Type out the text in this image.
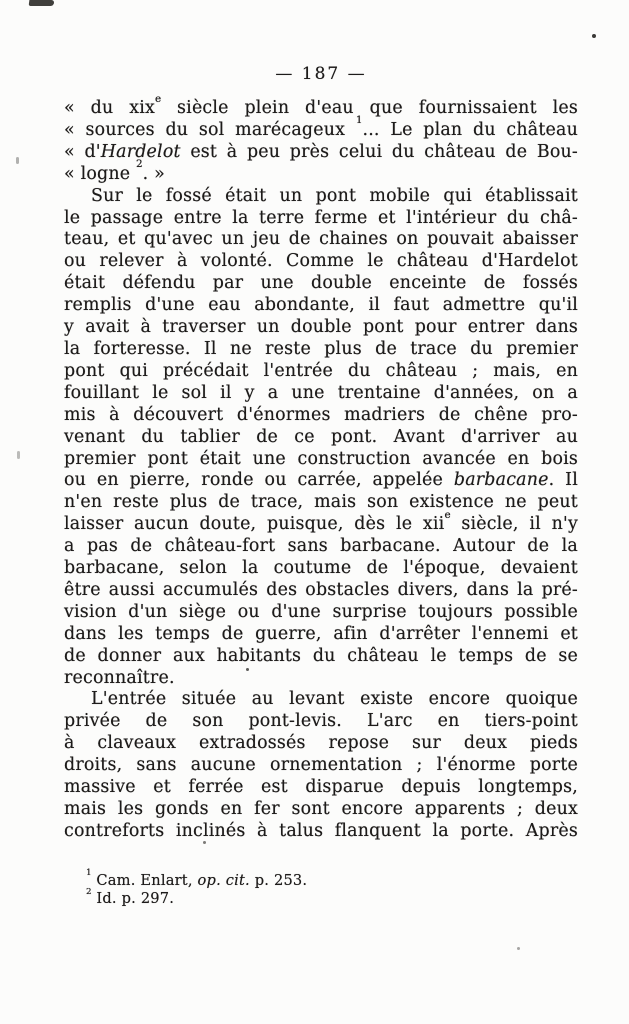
— 187 —
« du xix$^e$ siècle plein d'eau que fournissaient les
« sources du sol marécageux $^1$... Le plan du château
« d'Hardelot est à peu près celui du château de Bou-
« logne $^2$. »
Sur le fossé était un pont mobile qui établissait
le passage entre la terre ferme et l'intérieur du châ-
teau, et qu'avec un jeu de chaines on pouvait abaisser
ou relever à volonté. Comme le château d'Hardelot
était défendu par une double enceinte de fossés
remplis d'une eau abondante, il faut admettre qu'il
y avait à traverser un double pont pour entrer dans
la forteresse. Il ne reste plus de trace du premier
pont qui précédait l'entrée du château ; mais, en
fouillant le sol il y a une trentaine d'années, on a
mis à découvert d'énormes madriers de chêne pro-
venant du tablier de ce pont. Avant d'arriver au
premier pont était une construction avancée en bois
ou en pierre, ronde ou carrée, appelée barbacane. Il
n'en reste plus de trace, mais son existence ne peut
laisser aucun doute, puisque, dès le xii$^e$ siècle, il n'y
a pas de château-fort sans barbacane. Autour de la
barbacane, selon la coutume de l'époque, devaient
être aussi accumulés des obstacles divers, dans la pré-
vision d'un siège ou d'une surprise toujours possible
dans les temps de guerre, afin d'arrêter l'ennemi et
de donner aux habitants du château le temps de se
reconnaître.
L'entrée située au levant existe encore quoique
privée de son pont-levis. L'arc en tiers-point
à claveaux extradossés repose sur deux pieds
droits, sans aucune ornementation ; l'énorme porte
massive et ferrée est disparue depuis longtemps,
mais les gonds en fer sont encore apparents ; deux
contreforts inclinés à talus flanquent la porte. Après
$^1$ Cam. Enlart, op. cit. p. 253.
$^2$ Id. p. 297.
